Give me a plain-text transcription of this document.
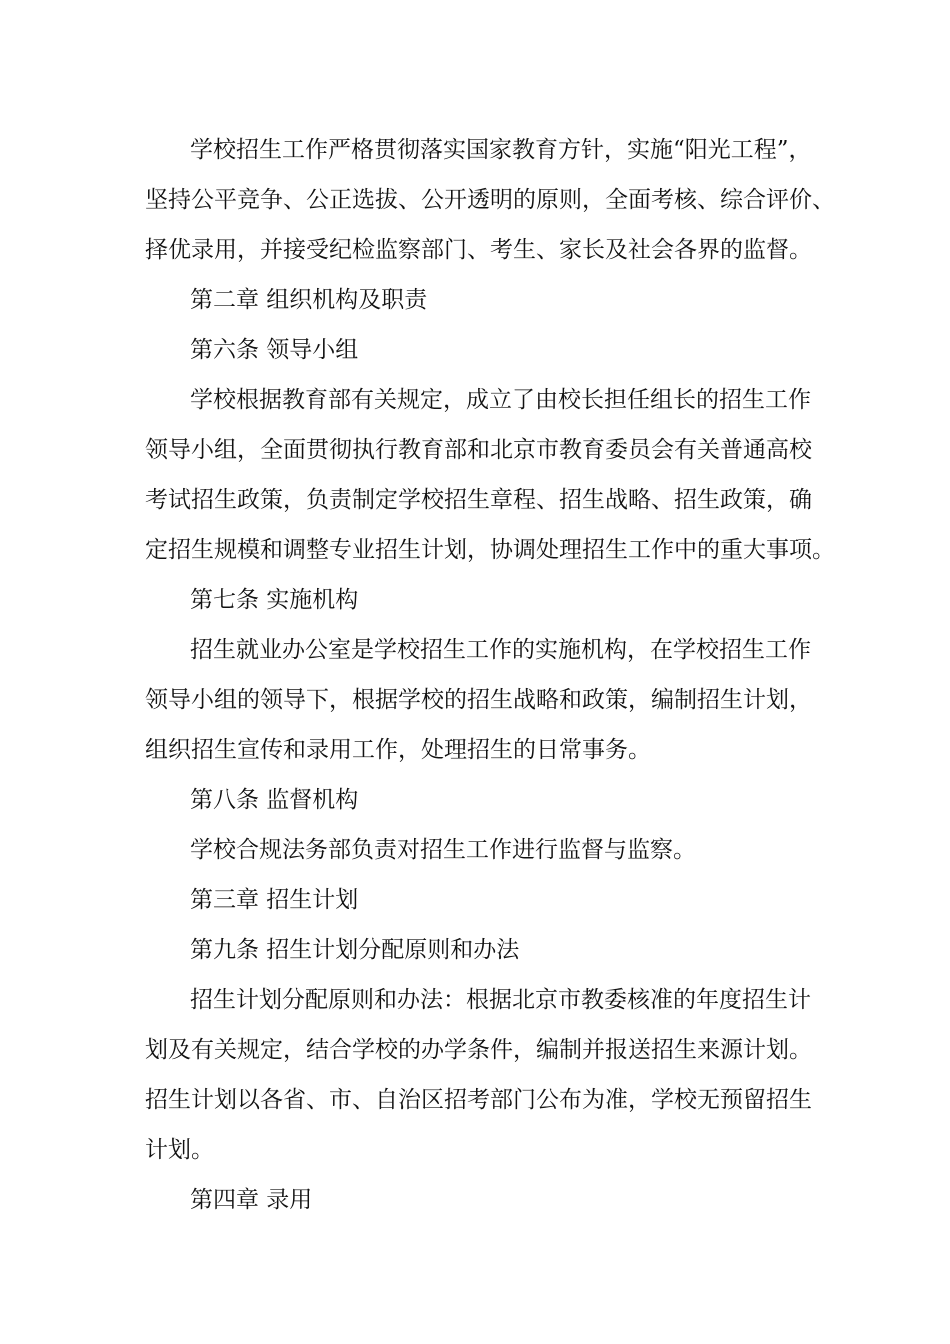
学校招生工作严格贯彻落实国家教育方针，实施“阳光工程”，
坚持公平竞争、公正选拔、公开透明的原则，全面考核、综合评价、
择优录用，并接受纪检监察部门、考生、家长及社会各界的监督。
第二章 组织机构及职责
第六条 领导小组
学校根据教育部有关规定，成立了由校长担任组长的招生工作
领导小组，全面贯彻执行教育部和北京市教育委员会有关普通高校
考试招生政策，负责制定学校招生章程、招生战略、招生政策，确
定招生规模和调整专业招生计划，协调处理招生工作中的重大事项。
第七条 实施机构
招生就业办公室是学校招生工作的实施机构，在学校招生工作
领导小组的领导下，根据学校的招生战略和政策，编制招生计划，
组织招生宣传和录用工作，处理招生的日常事务。
第八条 监督机构
学校合规法务部负责对招生工作进行监督与监察。
第三章 招生计划
第九条 招生计划分配原则和办法
招生计划分配原则和办法：根据北京市教委核准的年度招生计
划及有关规定，结合学校的办学条件，编制并报送招生来源计划。
招生计划以各省、市、自治区招考部门公布为准，学校无预留招生
计划。
第四章 录用
